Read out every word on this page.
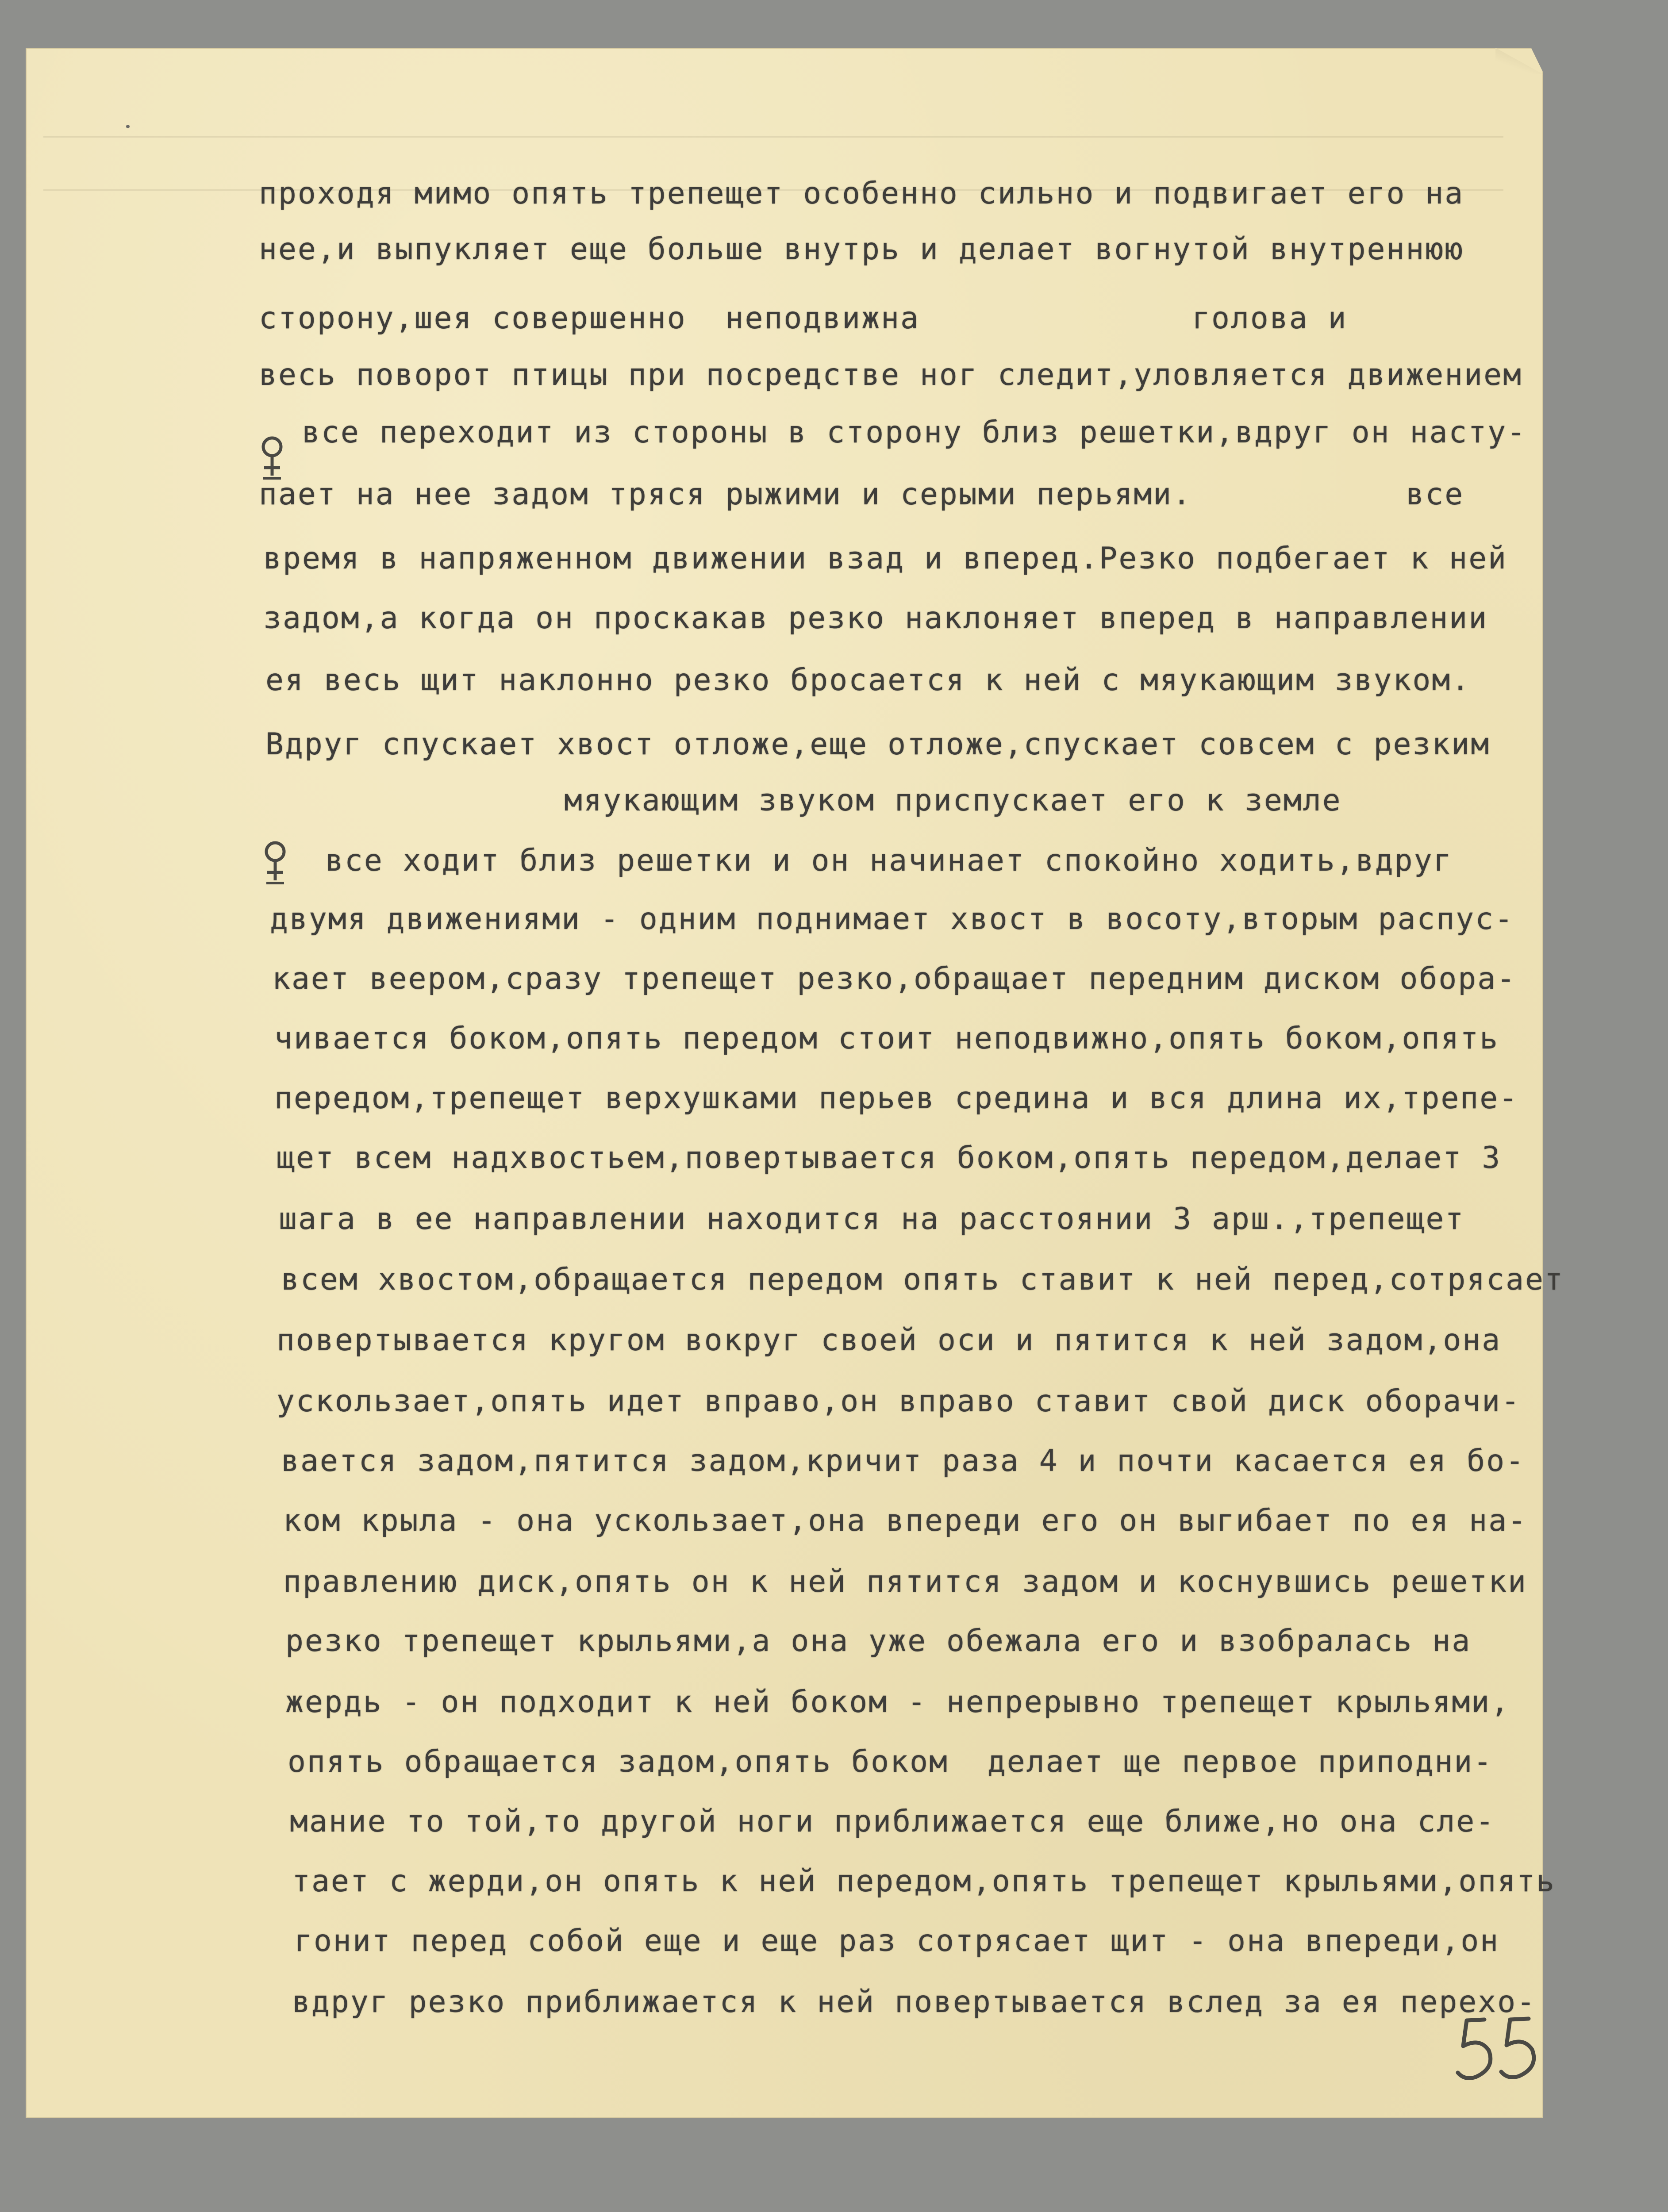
проходя мимо опять трепещет особенно сильно и подвигает его на
нее,и выпукляет еще больше внутрь и делает вогнутой внутреннюю
сторону,шея совершенно  неподвижна              голова и
весь поворот птицы при посредстве ног следит,уловляется движением
все переходит из стороны в сторону близ решетки,вдруг он насту-
пает на нее задом тряся рыжими и серыми перьями.           все
время в напряженном движении взад и вперед.Резко подбегает к ней
задом,а когда он проскакав резко наклоняет вперед в направлении
ея весь щит наклонно резко бросается к ней с мяукающим звуком.
Вдруг спускает хвост отложе,еще отложе,спускает совсем с резким
мяукающим звуком приспускает его к земле
все ходит близ решетки и он начинает спокойно ходить,вдруг
двумя движениями - одним поднимает хвост в восоту,вторым распус-
кает веером,сразу трепещет резко,обращает передним диском обора-
чивается боком,опять передом стоит неподвижно,опять боком,опять
передом,трепещет верхушками перьев средина и вся длина их,трепе-
щет всем надхвостьем,повертывается боком,опять передом,делает 3
шага в ее направлении находится на расстоянии 3 арш.,трепещет
всем хвостом,обращается передом опять ставит к ней перед,сотрясает
повертывается кругом вокруг своей оси и пятится к ней задом,она
ускользает,опять идет вправо,он вправо ставит свой диск оборачи-
вается задом,пятится задом,кричит раза 4 и почти касается ея бо-
ком крыла - она ускользает,она впереди его он выгибает по ея на-
правлению диск,опять он к ней пятится задом и коснувшись решетки
резко трепещет крыльями,а она уже обежала его и взобралась на
жердь - он подходит к ней боком - непрерывно трепещет крыльями,
опять обращается задом,опять боком  делает ще первое приподни-
мание то той,то другой ноги приближается еще ближе,но она сле-
тает с жерди,он опять к ней передом,опять трепещет крыльями,опять
гонит перед собой еще и еще раз сотрясает щит - она впереди,он
вдруг резко приближается к ней повертывается вслед за ея перехо-
